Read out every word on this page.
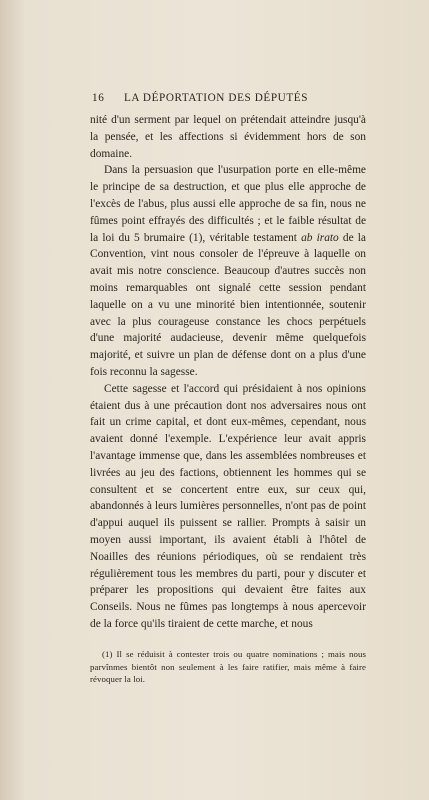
16 LA DÉPORTATION DES DÉPUTÉS

nité d'un serment par lequel on prétendait atteindre jusqu'à la pensée, et les affections si évidemment hors de son domaine.

Dans la persuasion que l'usurpation porte en elle-même le principe de sa destruction, et que plus elle approche de l'excès de l'abus, plus aussi elle approche de sa fin, nous ne fûmes point effrayés des difficultés ; et le faible résultat de la loi du 5 brumaire (1), véritable testament ab irato de la Convention, vint nous consoler de l'épreuve à laquelle on avait mis notre conscience. Beaucoup d'autres succès non moins remarquables ont signalé cette session pendant laquelle on a vu une minorité bien intentionnée, soutenir avec la plus courageuse constance les chocs perpétuels d'une majorité audacieuse, devenir même quelquefois majorité, et suivre un plan de défense dont on a plus d'une fois reconnu la sagesse.

Cette sagesse et l'accord qui présidaient à nos opinions étaient dus à une précaution dont nos adversaires nous ont fait un crime capital, et dont eux-mêmes, cependant, nous avaient donné l'exemple. L'expérience leur avait appris l'avantage immense que, dans les assemblées nombreuses et livrées au jeu des factions, obtiennent les hommes qui se consultent et se concertent entre eux, sur ceux qui, abandonnés à leurs lumières personnelles, n'ont pas de point d'appui auquel ils puissent se rallier. Prompts à saisir un moyen aussi important, ils avaient établi à l'hôtel de Noailles des réunions périodiques, où se rendaient très régulièrement tous les membres du parti, pour y discuter et préparer les propositions qui devaient être faites aux Conseils. Nous ne fûmes pas longtemps à nous apercevoir de la force qu'ils tiraient de cette marche, et nous

(1) Il se réduisit à contester trois ou quatre nominations ; mais nous parvînmes bientôt non seulement à les faire ratifier, mais même à faire révoquer la loi.
